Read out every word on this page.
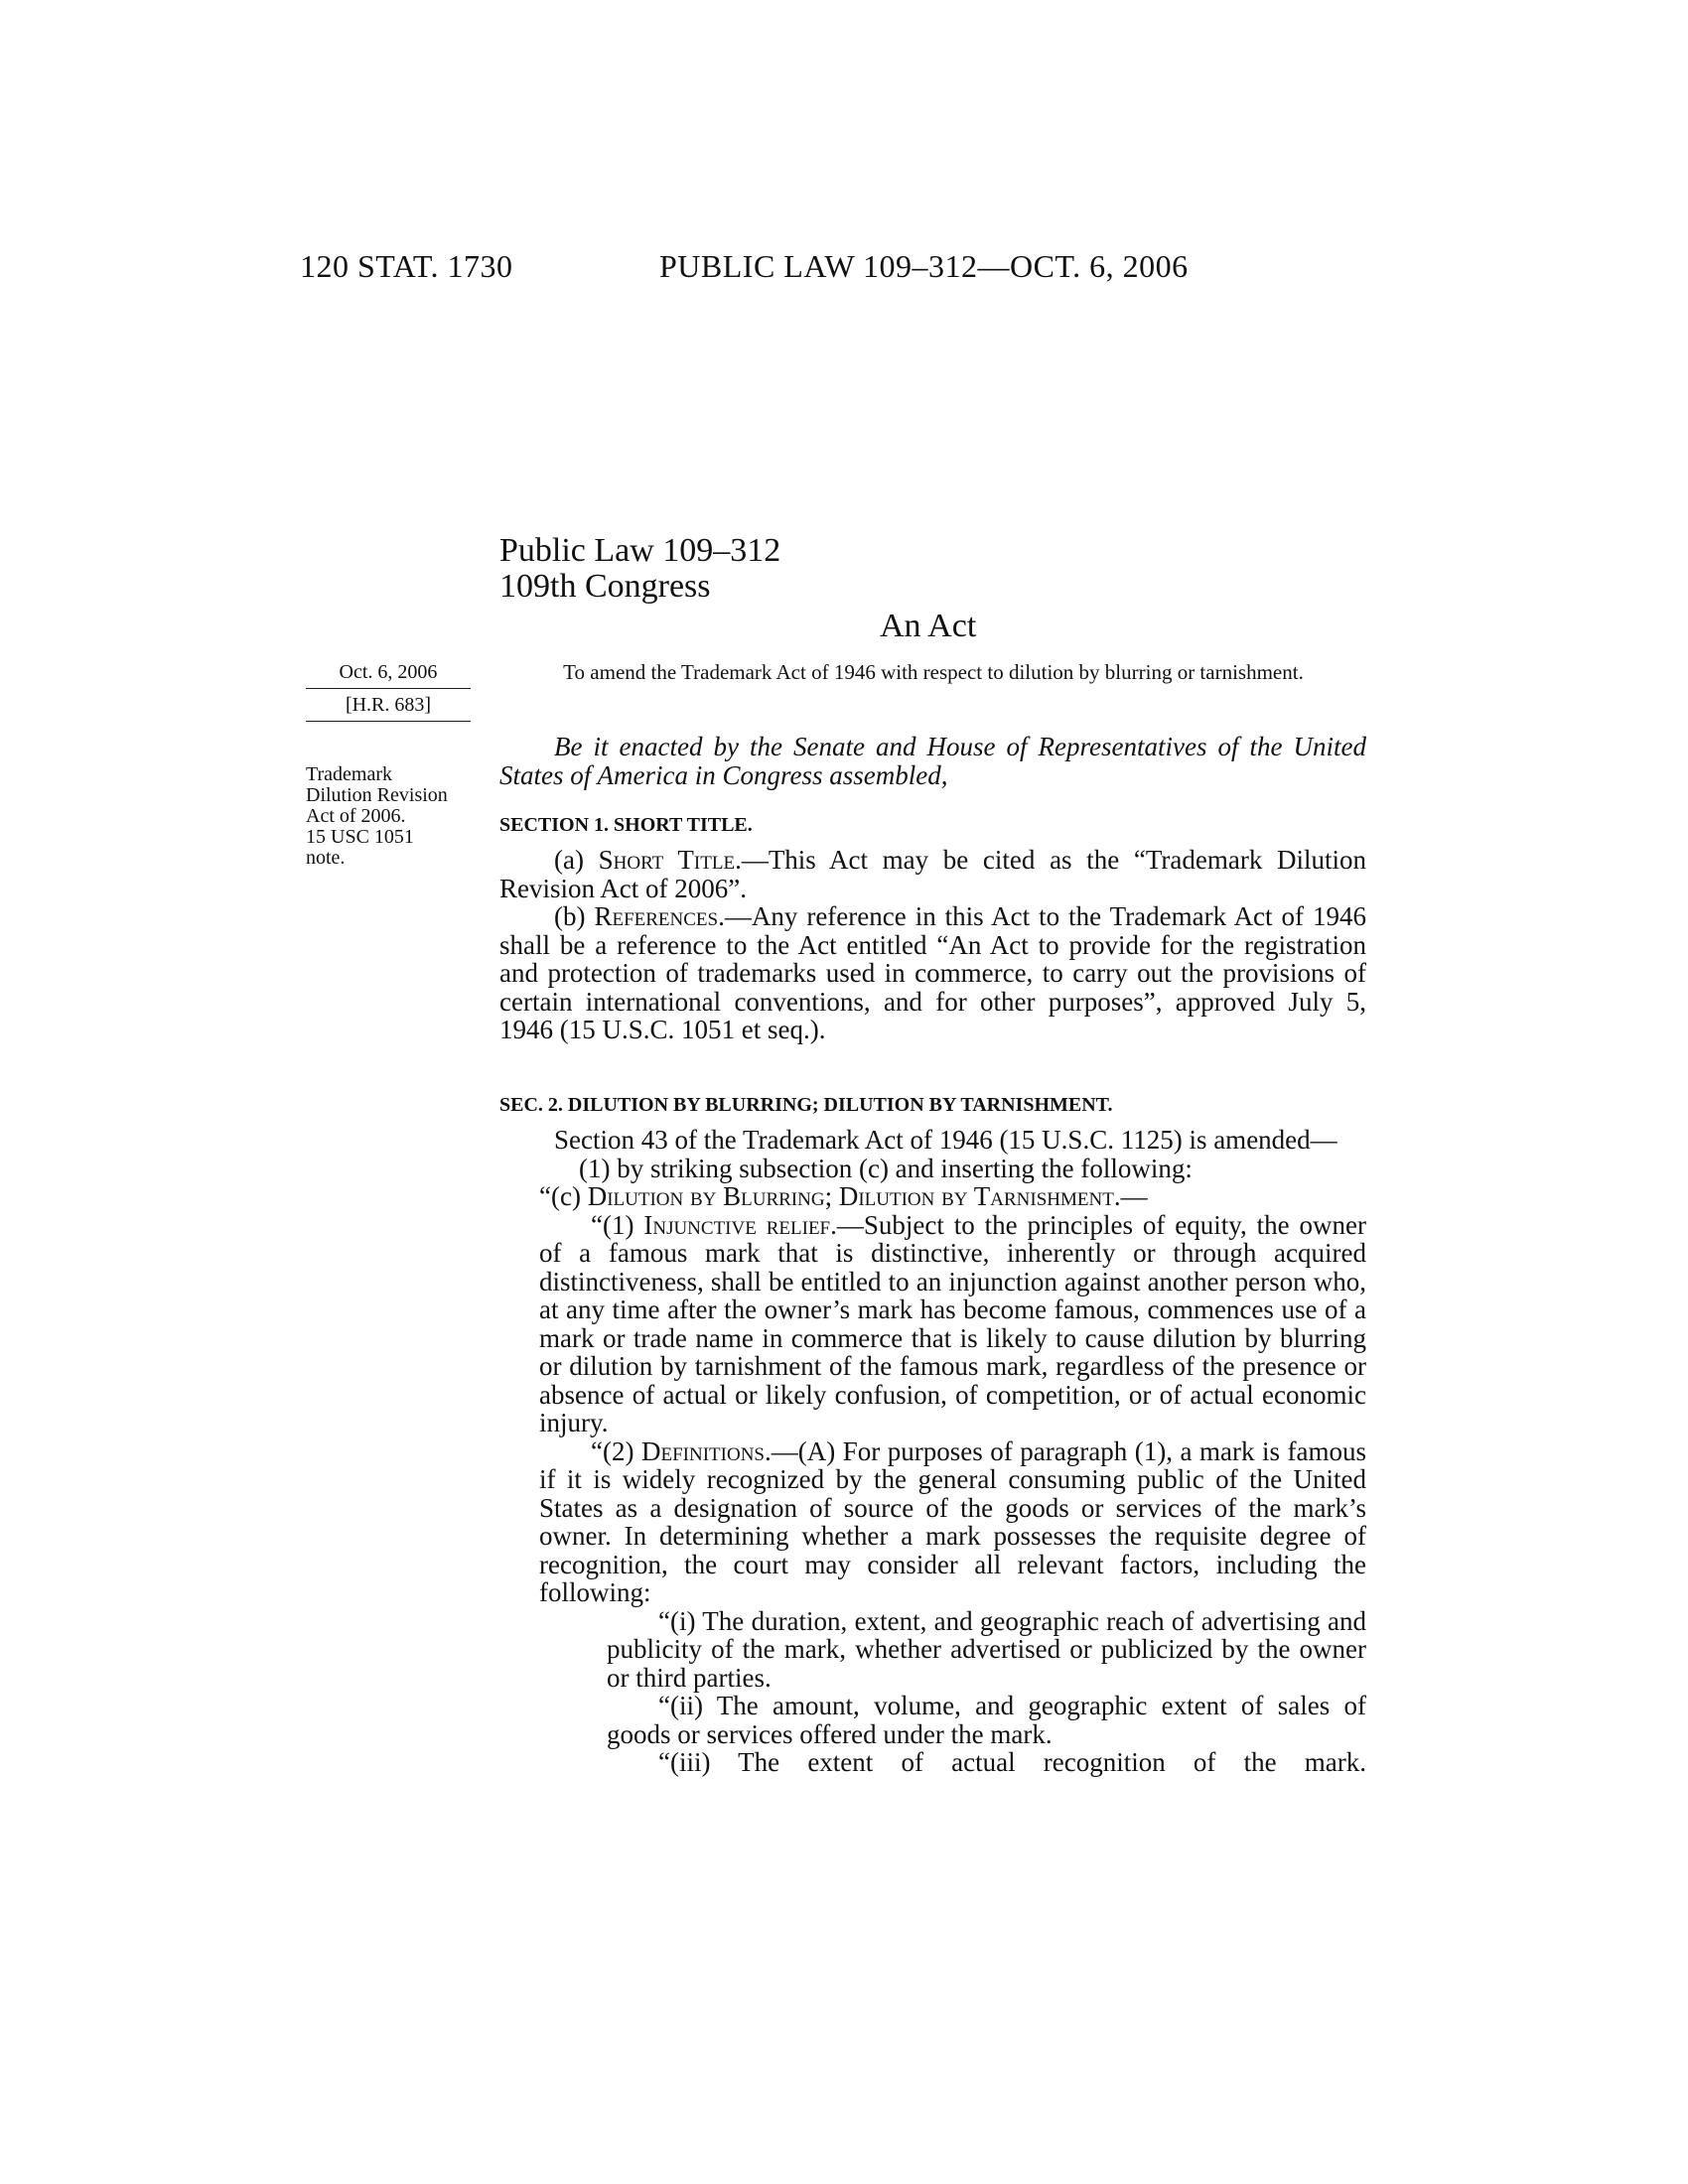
120 STAT. 1730	PUBLIC LAW 109–312—OCT. 6, 2006
Public Law 109–312
109th Congress
An Act
Oct. 6, 2006
[H.R. 683]
Trademark
Dilution Revision
Act of 2006.
15 USC 1051
note.
To amend the Trademark Act of 1946 with respect to dilution by blurring or tarnishment.

Be it enacted by the Senate and House of Representatives of the United States of America in Congress assembled,

SECTION 1. SHORT TITLE.

(a) Short Title.—This Act may be cited as the “Trademark Dilution Revision Act of 2006”.

(b) References.—Any reference in this Act to the Trademark Act of 1946 shall be a reference to the Act entitled “An Act to provide for the registration and protection of trademarks used in commerce, to carry out the provisions of certain international conventions, and for other purposes”, approved July 5, 1946 (15 U.S.C. 1051 et seq.).

SEC. 2. DILUTION BY BLURRING; DILUTION BY TARNISHMENT.

Section 43 of the Trademark Act of 1946 (15 U.S.C. 1125) is amended—

(1) by striking subsection (c) and inserting the following:

“(c) Dilution by Blurring; Dilution by Tarnishment.—

“(1) Injunctive relief.—Subject to the principles of equity, the owner of a famous mark that is distinctive, inherently or through acquired distinctiveness, shall be entitled to an injunction against another person who, at any time after the owner’s mark has become famous, commences use of a mark or trade name in commerce that is likely to cause dilution by blurring or dilution by tarnishment of the famous mark, regardless of the presence or absence of actual or likely confusion, of competition, or of actual economic injury.

“(2) Definitions.—(A) For purposes of paragraph (1), a mark is famous if it is widely recognized by the general consuming public of the United States as a designation of source of the goods or services of the mark’s owner. In determining whether a mark possesses the requisite degree of recognition, the court may consider all relevant factors, including the following:

“(i) The duration, extent, and geographic reach of advertising and publicity of the mark, whether advertised or publicized by the owner or third parties.

“(ii) The amount, volume, and geographic extent of sales of goods or services offered under the mark.

“(iii) The extent of actual recognition of the mark.
